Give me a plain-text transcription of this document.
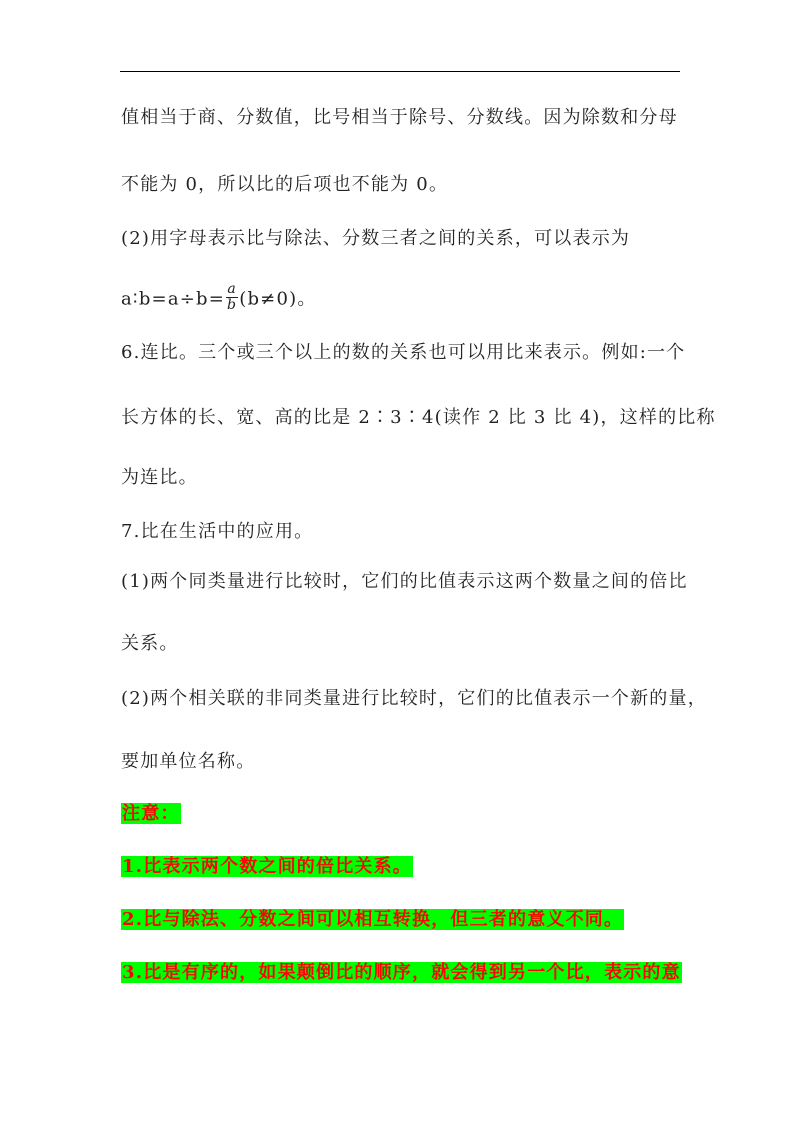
值相当于商、分数值，比号相当于除号、分数线。因为除数和分母
不能为 0，所以比的后项也不能为 0。
(2)用字母表示比与除法、分数三者之间的关系，可以表示为
a∶b=a÷b= $\frac{a}{b} (b\ne 0)$。
6.连比。三个或三个以上的数的关系也可以用比来表示。例如:一个
长方体的长、宽、高的比是 2∶3∶4(读作 2 比 3 比 4)，这样的比称
为连比。
7.比在生活中的应用。
(1)两个同类量进行比较时，它们的比值表示这两个数量之间的倍比
关系。
(2)两个相关联的非同类量进行比较时，它们的比值表示一个新的量，
要加单位名称。
注意：
1.比表示两个数之间的倍比关系。
2.比与除法、分数之间可以相互转换，但三者的意义不同。
3.比是有序的，如果颠倒比的顺序，就会得到另一个比，表示的意
